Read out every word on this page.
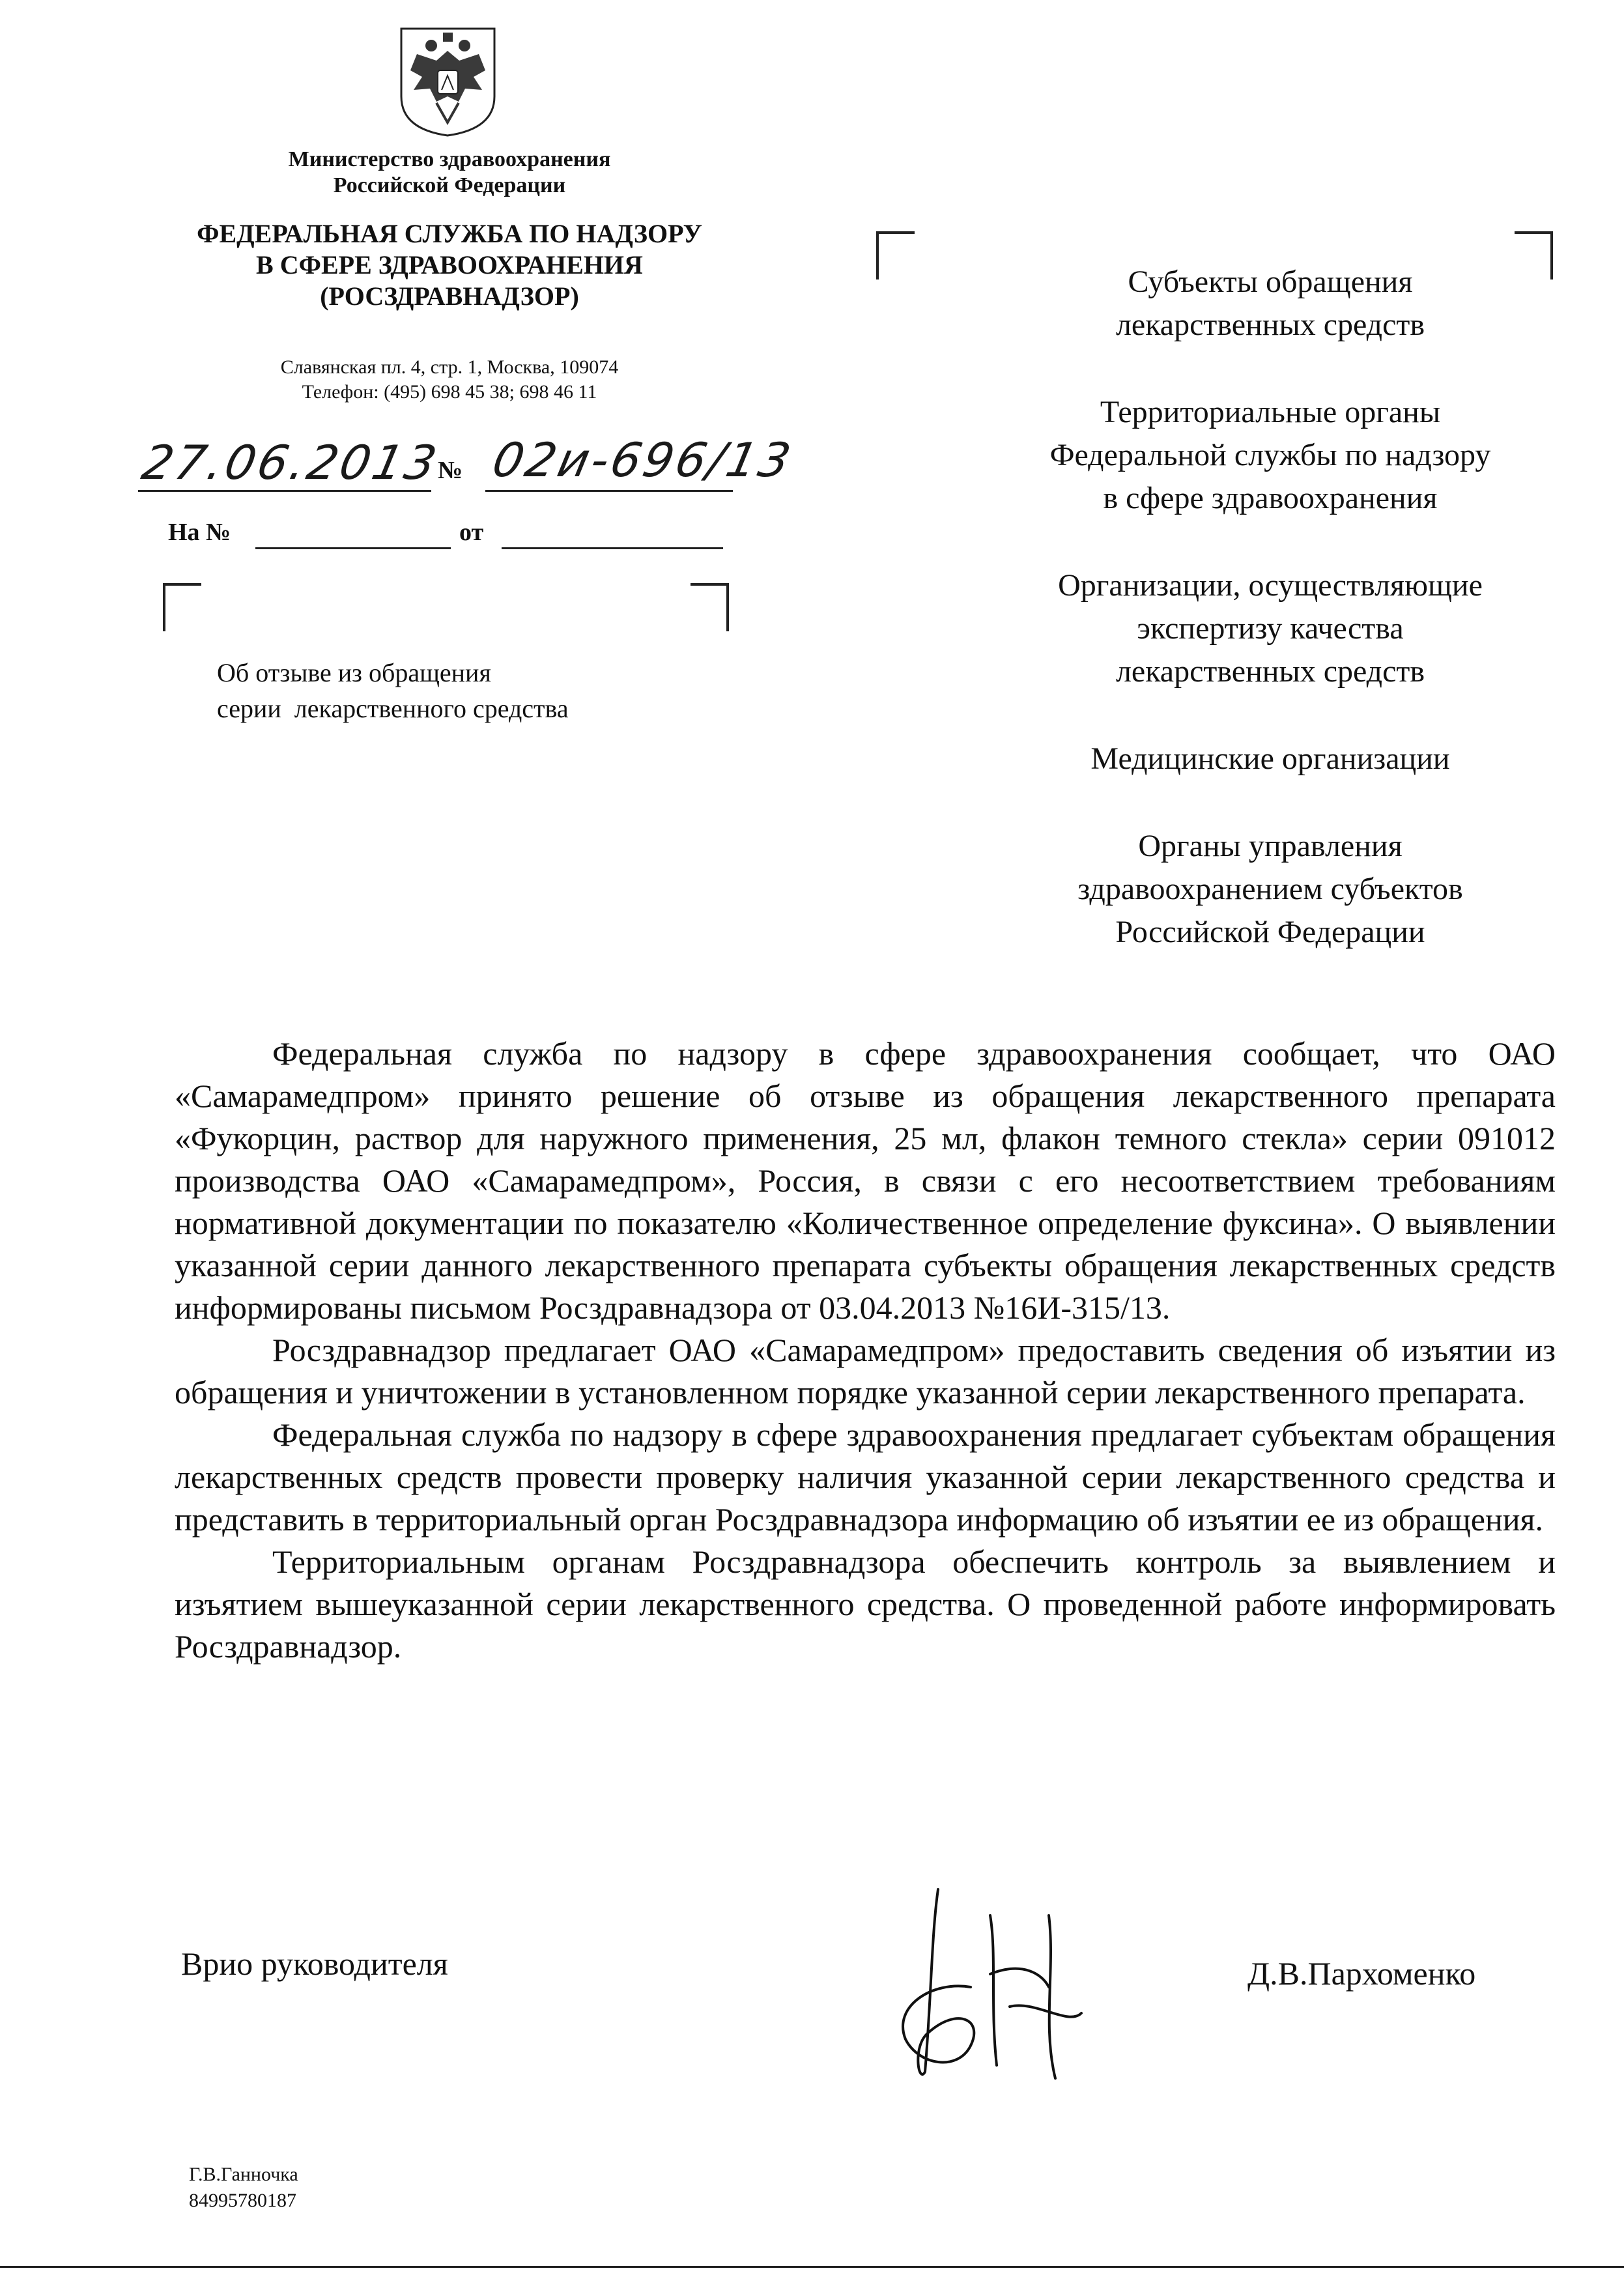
Министерство здравоохранения
Российской Федерации
ФЕДЕРАЛЬНАЯ СЛУЖБА ПО НАДЗОРУ
В СФЕРЕ ЗДРАВООХРАНЕНИЯ
(РОСЗДРАВНАДЗОР)
Славянская пл. 4, стр. 1, Москва, 109074
Телефон: (495) 698 45 38; 698 46 11
27.06.2013
№ 02и-696/13
На №	от
Об отзыве из обращения
серии  лекарственного средства
Субъекты обращения
лекарственных средств
Территориальные органы
Федеральной службы по надзору
в сфере здравоохранения
Организации, осуществляющие
экспертизу качества
лекарственных средств
Медицинские организации
Органы управления
здравоохранением субъектов
Российской Федерации

Федеральная служба по надзору в сфере здравоохранения сообщает, что ОАО «Самарамедпром» принято решение об отзыве из обращения лекарственного препарата «Фукорцин, раствор для наружного применения, 25 мл, флакон темного стекла» серии 091012 производства ОАО «Самарамедпром», Россия, в связи с его несоответствием требованиям нормативной документации по показателю «Количественное определение фуксина». О выявлении указанной серии данного лекарственного препарата субъекты обращения лекарственных средств информированы письмом Росздравнадзора от 03.04.2013 №16И-315/13.

Росздравнадзор предлагает ОАО «Самарамедпром» предоставить сведения об изъятии из обращения и уничтожении в установленном порядке указанной серии лекарственного препарата.

Федеральная служба по надзору в сфере здравоохранения предлагает субъектам обращения лекарственных средств провести проверку наличия указанной серии лекарственного средства и представить в территориальный орган Росздравнадзора информацию об изъятии ее из обращения.

Территориальным органам Росздравнадзора обеспечить контроль за выявлением и изъятием вышеуказанной серии лекарственного средства. О проведенной работе информировать Росздравнадзор.

Врио руководителя	Д.В.Пархоменко
Г.В.Ганночка
84995780187
